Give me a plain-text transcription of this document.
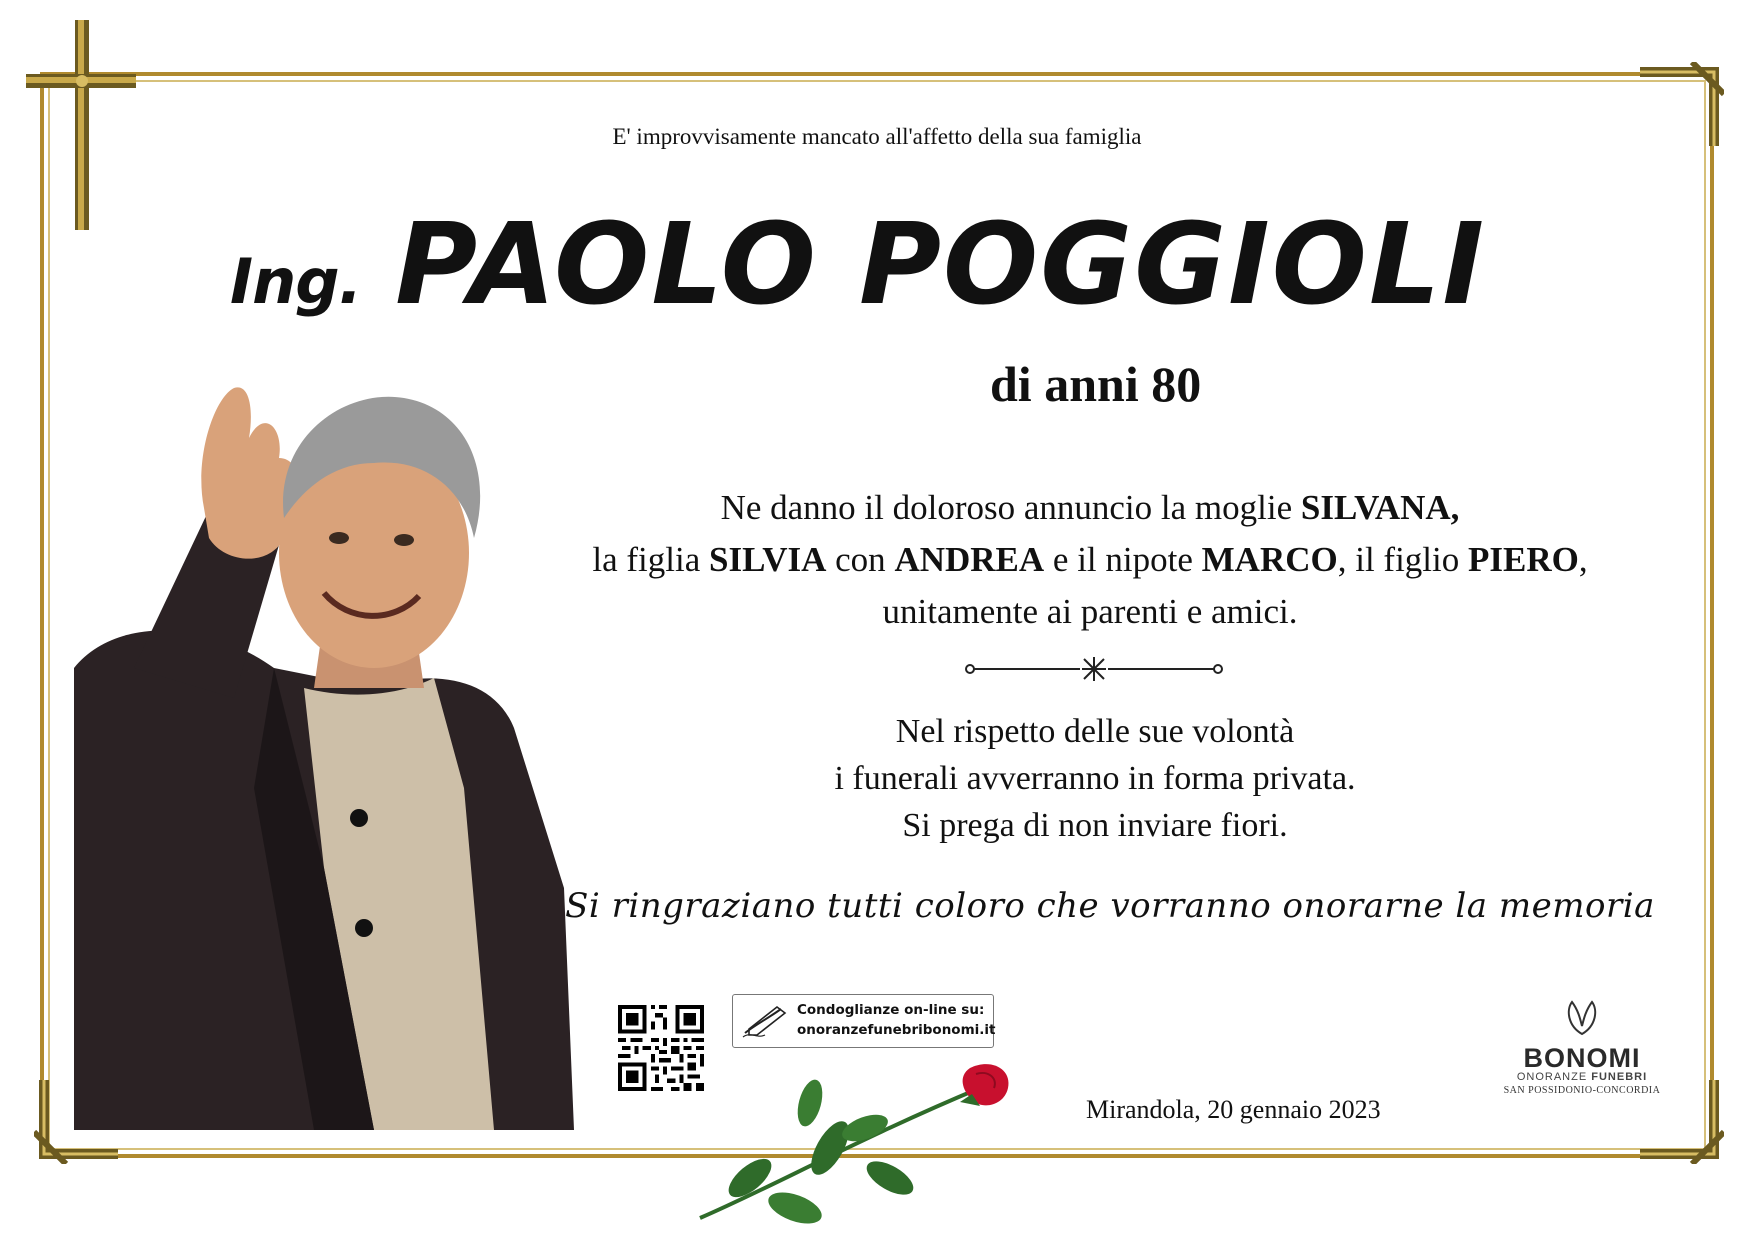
E' improvvisamente mancato all'affetto della sua famiglia
Ing. PAOLO POGGIOLI
di anni 80
Ne danno il doloroso annuncio la moglie SILVANA,
la figlia SILVIA con ANDREA e il nipote MARCO, il figlio PIERO,
unitamente ai parenti e amici.
Nel rispetto delle sue volontà
i funerali avverranno in forma privata.
Si prega di non inviare fiori.
Si ringraziano tutti coloro che vorranno onorarne la memoria
Condoglianze on-line su:
onoranzefunebribonomi.it
Mirandola, 20 gennaio 2023
BONOMI
ONORANZE FUNEBRI
SAN POSSIDONIO-CONCORDIA
